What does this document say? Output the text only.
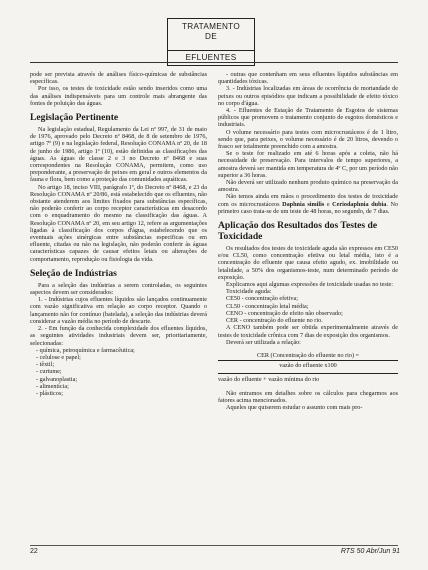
TRATAMENTO
DE
EFLUENTES

pode ser prevista através de análises físico-químicas de substâncias específicas.

Por isso, os testes de toxicidade estão sendo inseridos como uma das análises indispensáveis para um controle mais abrangente das fontes de poluição das águas.

Legislação Pertinente

Na legislação estadual, Regulamento da Lei nº 997, de 31 de maio de 1976, aprovado pelo Decreto nº 8468, de 8 de setembro de 1976, artigo 7º (9) e na legislação federal, Resolução CONAMA nº 20, de 18 de junho de 1986, artigo 1º (10), estão definidas as classificações das águas. As águas de classe 2 e 3 no Decreto nº 8468 e suas correspondentes na Resolução CONAMA, permitem, como uso preponderante, a preservação de peixes em geral e outros elementos da fauna e flora, bem como a proteção das comunidades aquáticas.

No artigo 18, inciso VIII, parágrafo 1º, do Decreto nº 8468, e 23 da Resolução CONAMA nº 20/86, está estabelecido que os efluentes, não obstante atenderem aos limites fixados para substâncias específicas, não poderão conferir ao corpo receptor características em desacordo com o enquadramento do mesmo na classificação das águas. A Resolução CONAMA nº 20, em seu artigo 12, refere as argumentações ligadas à classificação dos corpos d'água, estabelecendo que os eventuais ações sinérgicas entre substâncias especificas ou em efluente, citadas ou não na legislação, não poderão conferir às águas características capazes de causar efeitos letais ou alterações de comportamento, reprodução ou fisiologia da vida.

Seleção de Indústrias

Para a seleção das indústrias a serem controladas, os seguintes aspectos devem ser considerados:

1. - Indústrias cujos efluentes líquidos são lançados continuamente com vazão significativa em relação ao corpo receptor. Quando o lançamento não for contínuo (batelada), a seleção das indústrias deverá considerar a vazão média no período de descarte.

2. - Em função da conhecida complexidade dos efluentes líquidos, as seguintes atividades industriais devem ser, prioritariamente, selecionadas:

- química, petroquímica e farmacêutica;

- celulose e papel;

- têxtil;

- curtume;

- galvanoplastia;

- alimentícia;

- plásticos;

- outras que contenham em seus efluentes líquidos substâncias em quantidades tóxicas.

3. - Indústrias localizadas em áreas de ocorrência de mortandade de peixes ou outros episódios que indicam a possibilidade de efeito tóxico no corpo d'água.

4. - Efluentes de Estação de Tratamento de Esgotos de sistemas públicos que promovem o tratamento conjunto de esgotos domésticos e industriais.

O volume necessário para testes com microcrustáceos é de 1 litro, sendo que, para peixes, o volume necessário é de 20 litros, devendo o frasco ser totalmente preenchido com a amostra.

Se o teste for realizado em até 6 horas após a coleta, não há necessidade de preservação. Para intervalos de tempo superiores, a amostra deverá ser mantida em temperatura de 4º C, por um período não superior a 36 horas.

Não deverá ser utilizado nenhum produto químico na preservação da amostra.

Não temos ainda em mãos o procedimento dos testes de toxicidade com os microcrustáceos Daphnia similis e Ceriodaphnia dubia. No primeiro caso trata-se de um teste de 48 horas, no segundo, de 7 dias.

Aplicação dos Resultados dos Testes de Toxicidade

Os resultados dos testes de toxicidade aguda são expressos em CE50 e/ou CL50, como concentração efetiva ou letal média, isto é a concentração do efluente que causa efeito agudo, ex. imobilidade ou letalidade, a 50% dos organismos-teste, num determinado período de exposição.

Explicamos aqui algumas expressões de toxicidade usadas no teste:

Toxicidade aguda:

CE50 - concentração efetiva;

CL50 - concentração letal média;

CENO - concentração de efeito não observado;

CER - concentração do efluente no rio.

A CENO também pode ser obtida experimentalmente através de testes de toxicidade crônica com 7 dias de exposição dos organismos.

Deverá ser utilizada a relação:

CER (Concentração do efluente no rio) =
vazão do efluente x100
vazão do efluente + vazão mínima do rio

Não entramos em detalhes sobre os cálculos para chegarmos aos fatores acima mencionados.

Aqueles que quiserem estudar o assunto com mais pro-

22	RTS 50 Abr/Jun 91
